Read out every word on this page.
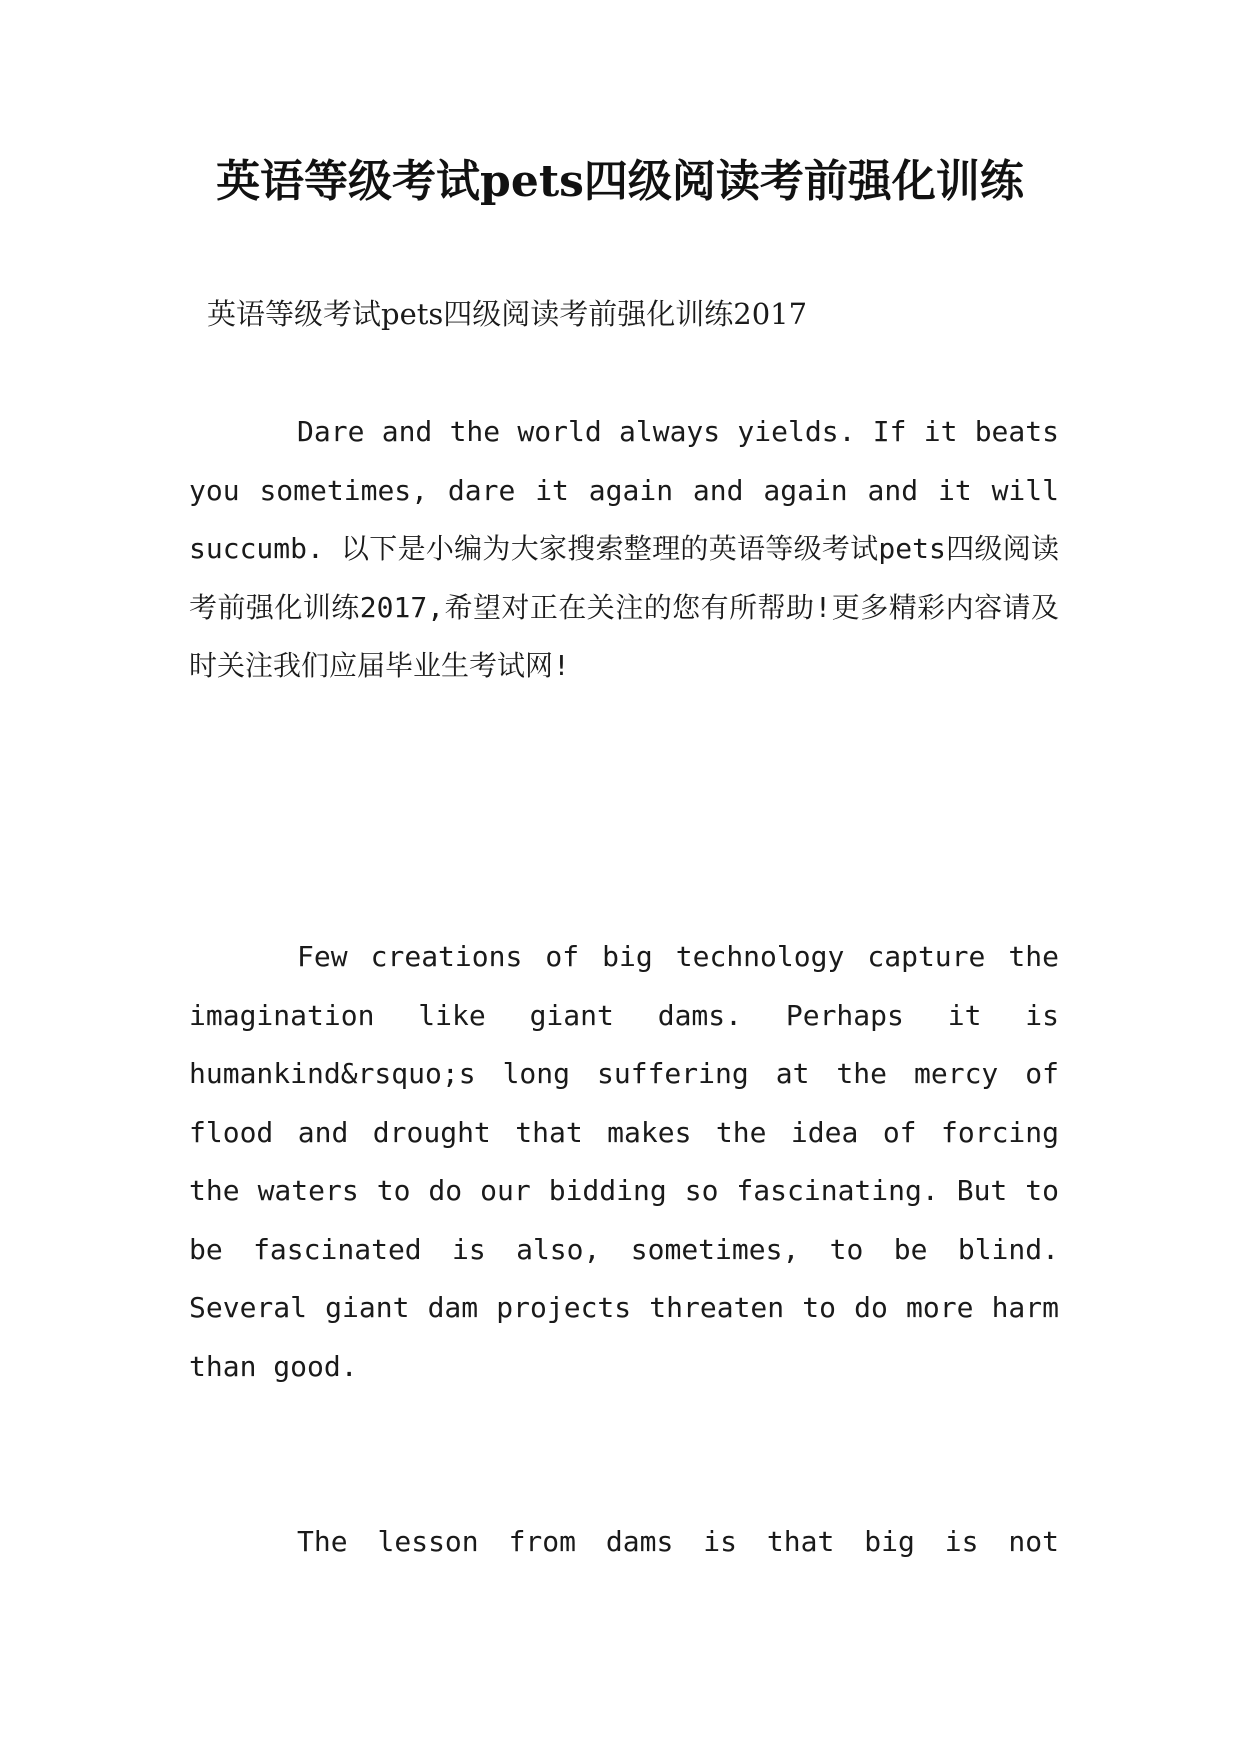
英语等级考试pets四级阅读考前强化训练

英语等级考试pets四级阅读考前强化训练2017

Dare and the world always yields. If it beats you sometimes, dare it again and again and it will succumb. 以下是小编为大家搜索整理的英语等级考试pets四级阅读考前强化训练2017,希望对正在关注的您有所帮助!更多精彩内容请及时关注我们应届毕业生考试网!

Few creations of big technology capture the imagination like giant dams. Perhaps it is humankind&rsquo;s long suffering at the mercy of flood and drought that makes the idea of forcing the waters to do our bidding so fascinating. But to be fascinated is also, sometimes, to be blind. Several giant dam projects threaten to do more harm than good.

The lesson from dams is that big is not
